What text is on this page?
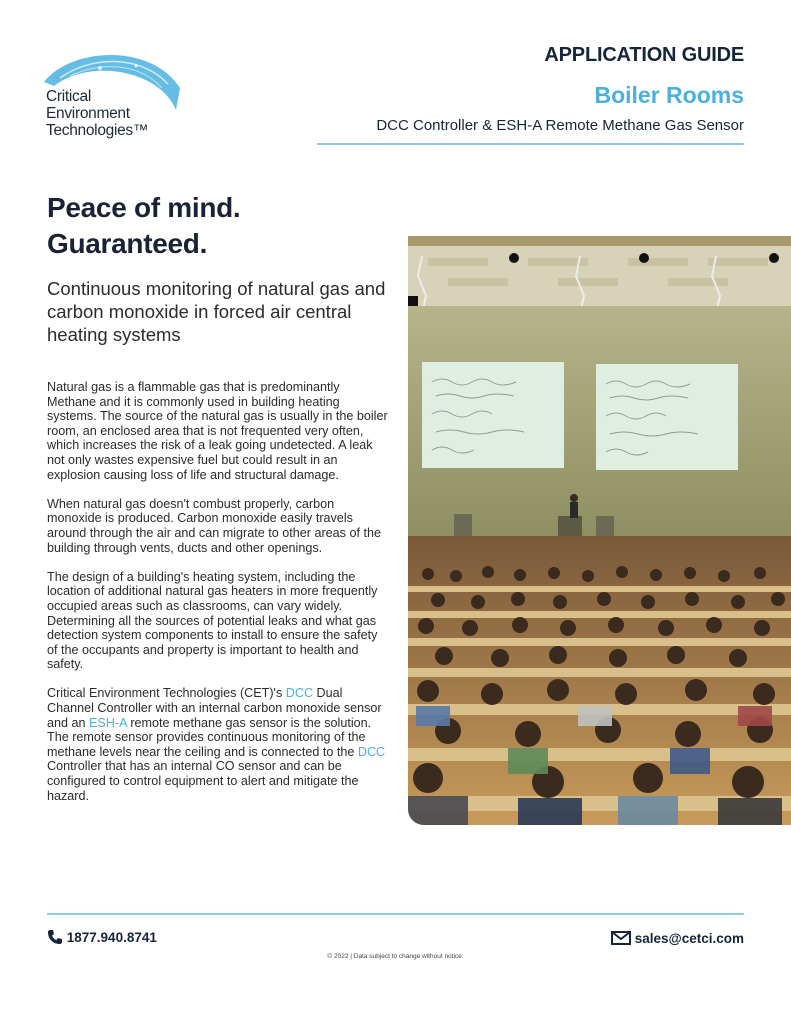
Critical
Environment
Technologies™
APPLICATION GUIDE
Boiler Rooms
DCC Controller & ESH-A Remote Methane Gas Sensor
Peace of mind.
Guaranteed.
Continuous monitoring of natural gas and carbon monoxide in forced air central heating systems

Natural gas is a flammable gas that is predominantly Methane and it is commonly used in building heating systems. The source of the natural gas is usually in the boiler room, an enclosed area that is not frequented very often, which increases the risk of a leak going undetected. A leak not only wastes expensive fuel but could result in an explosion causing loss of life and structural damage.

When natural gas doesn't combust properly, carbon monoxide is produced. Carbon monoxide easily travels around through the air and can migrate to other areas of the building through vents, ducts and other openings.

The design of a building's heating system, including the location of additional natural gas heaters in more frequently occupied areas such as classrooms, can vary widely. Determining all the sources of potential leaks and what gas detection system components to install to ensure the safety of the occupants and property is important to health and safety.

Critical Environment Technologies (CET)'s DCC Dual Channel Controller with an internal carbon monoxide sensor and an ESH-A remote methane gas sensor is the solution. The remote sensor provides continuous monitoring of the methane levels near the ceiling and is connected to the DCC Controller that has an internal CO sensor and can be configured to control equipment to alert and mitigate the hazard.

1877.940.8741	sales@cetci.com
© 2022 | Data subject to change without notice.
